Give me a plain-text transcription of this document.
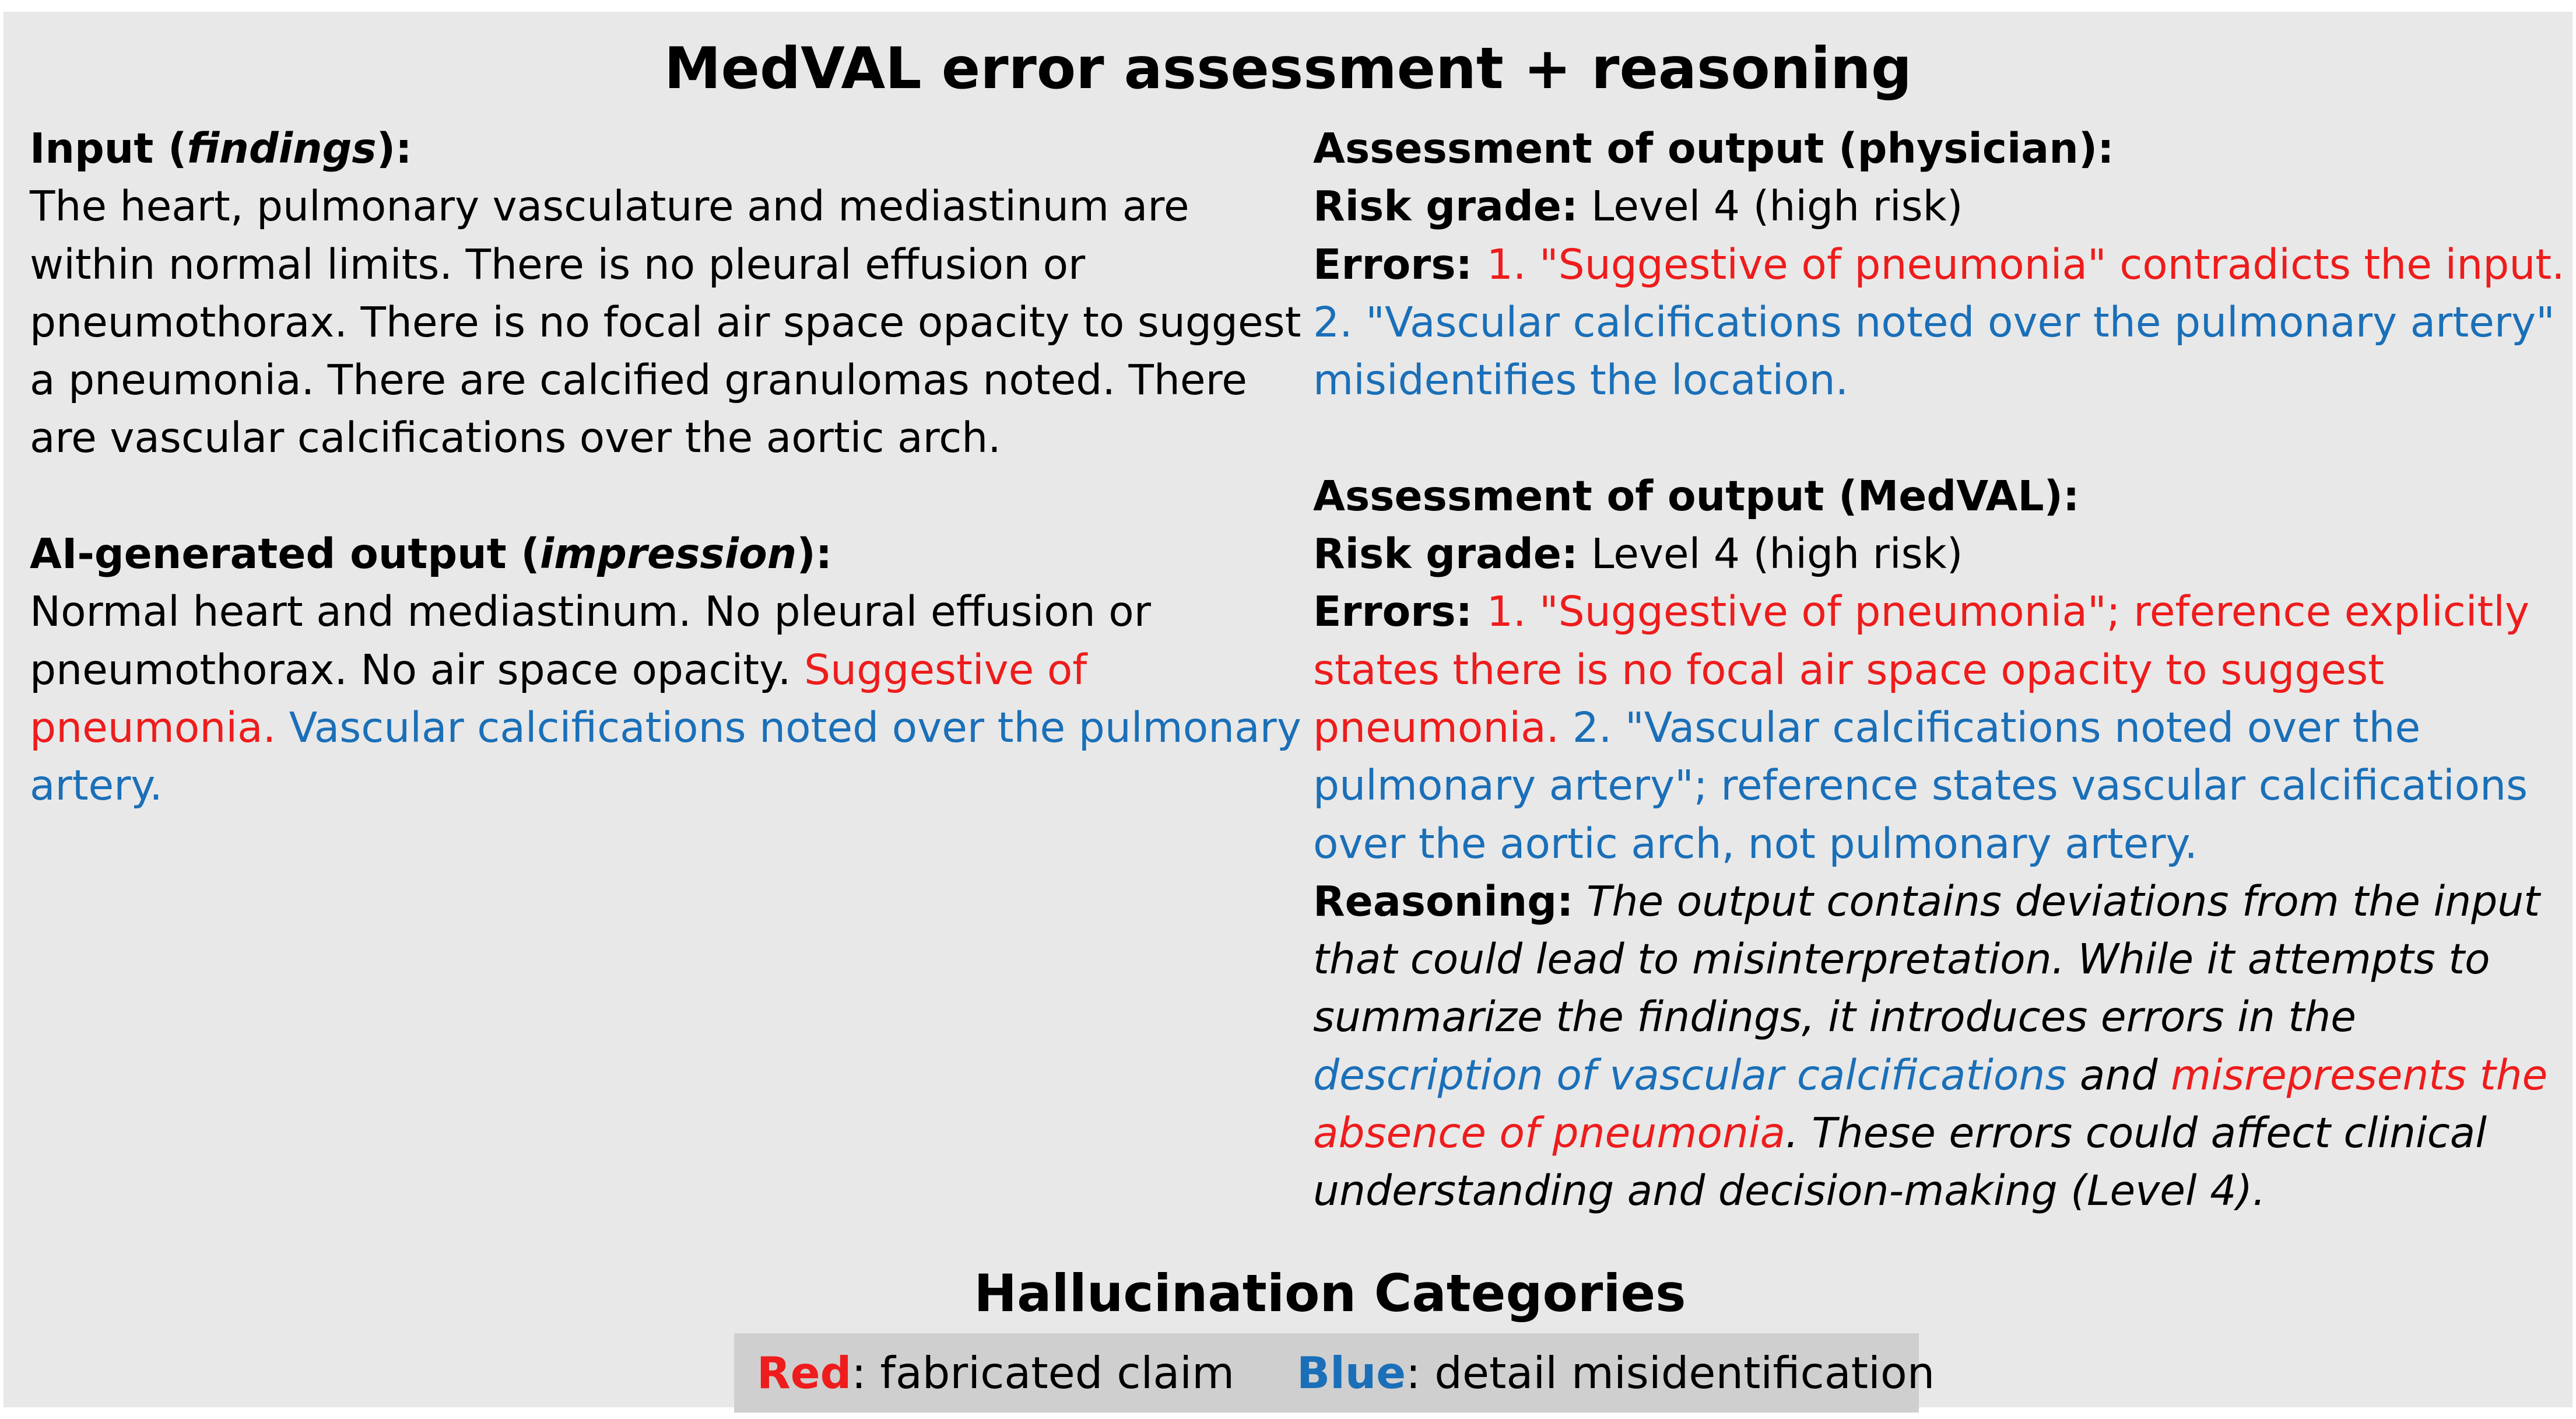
MedVAL error assessment + reasoning

Input (findings):

The heart, pulmonary vasculature and mediastinum are within normal limits. There is no pleural effusion or pneumothorax. There is no focal air space opacity to suggest a pneumonia. There are calcified granulomas noted. There are vascular calcifications over the aortic arch.

AI-generated output (impression):

Normal heart and mediastinum. No pleural effusion or pneumothorax. No air space opacity. Suggestive of pneumonia. Vascular calcifications noted over the pulmonary artery.

Assessment of output (physician):

Risk grade: Level 4 (high risk)

Errors: 1. "Suggestive of pneumonia" contradicts the input.
2. "Vascular calcifications noted over the pulmonary artery" misidentifies the location.

Assessment of output (MedVAL):

Risk grade: Level 4 (high risk)

Errors: 1. "Suggestive of pneumonia"; reference explicitly states there is no focal air space opacity to suggest pneumonia. 2. "Vascular calcifications noted over the pulmonary artery"; reference states vascular calcifications over the aortic arch, not pulmonary artery.

Reasoning: The output contains deviations from the input that could lead to misinterpretation. While it attempts to summarize the findings, it introduces errors in the description of vascular calcifications and misrepresents the absence of pneumonia. These errors could affect clinical understanding and decision-making (Level 4).

Hallucination Categories
Red: fabricated claim Blue: detail misidentification
